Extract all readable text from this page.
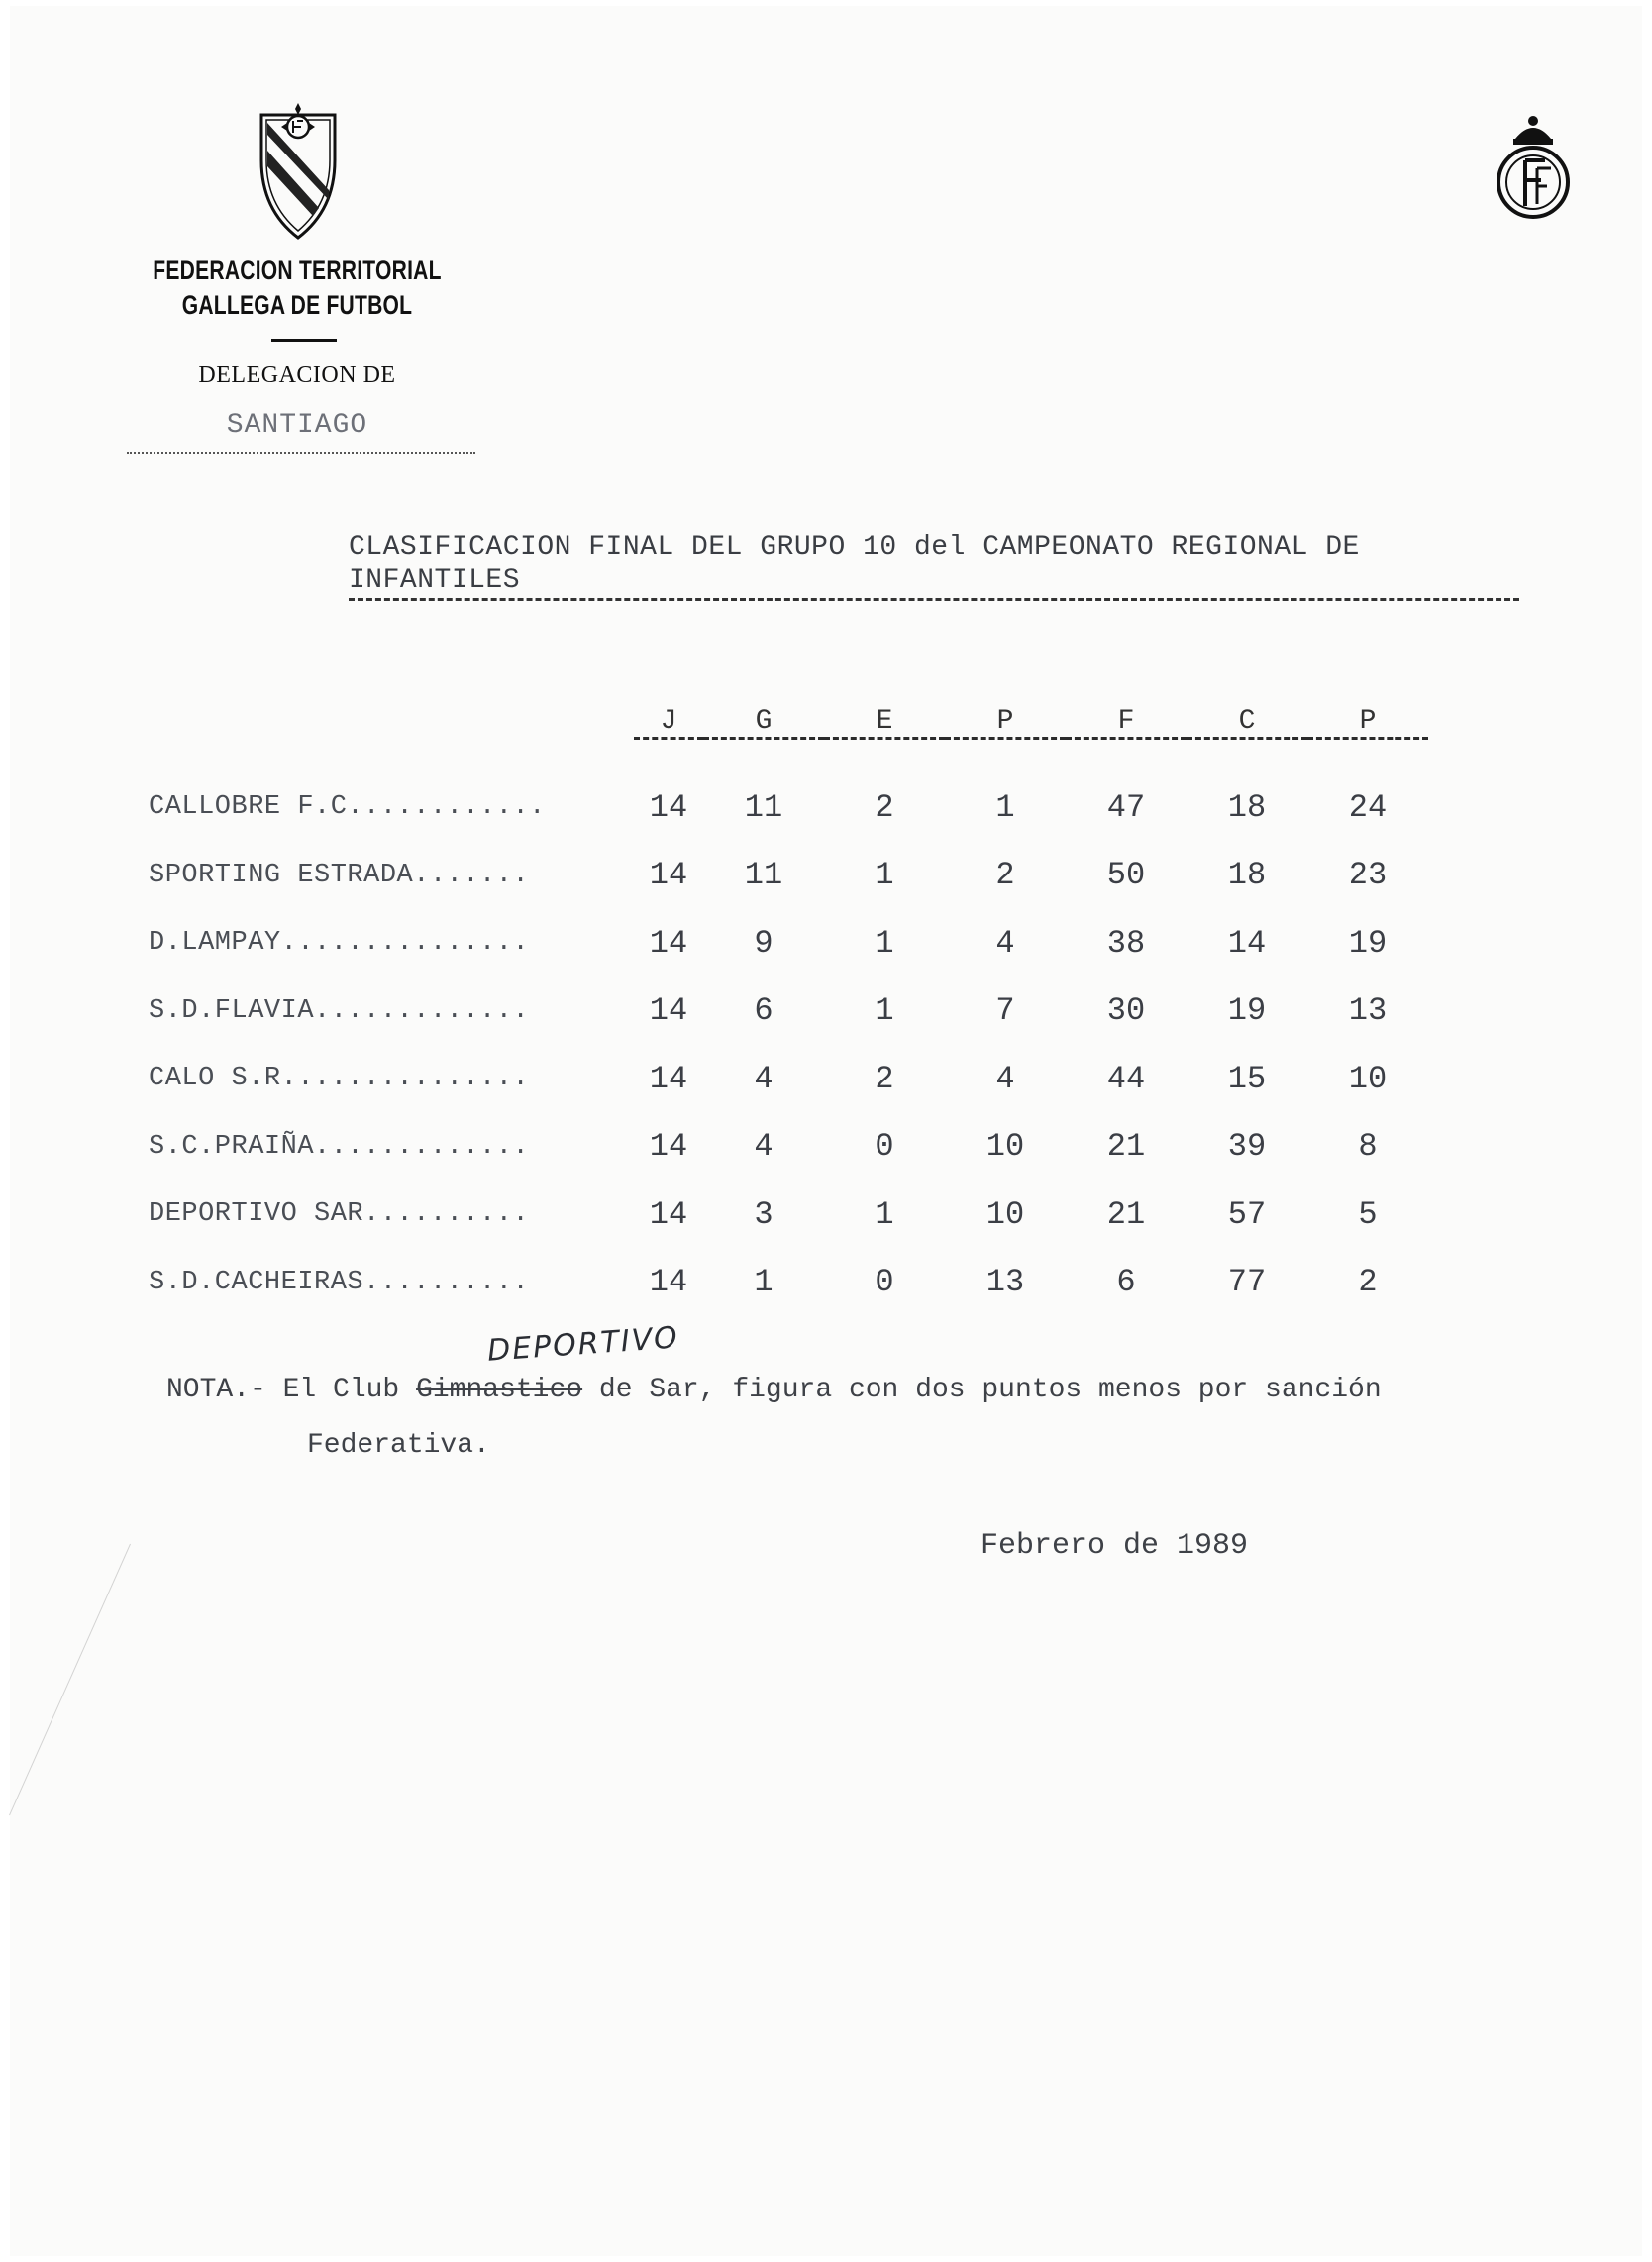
FEDERACION TERRITORIAL GALLEGA DE FUTBOL
DELEGACION DE
SANTIAGO
CLASIFICACION FINAL DEL GRUPO 10 del CAMPEONATO REGIONAL DE INFANTILES
	J	G	E	P	F	C	P

CALLOBRE F.C............	14	11	2	1	47	18	24
SPORTING ESTRADA.......	14	11	1	2	50	18	23
D.LAMPAY...............	14	9	1	4	38	14	19
S.D.FLAVIA.............	14	6	1	7	30	19	13
CALO S.R...............	14	4	2	4	44	15	10
S.C.PRAIÑA.............	14	4	0	10	21	39	8
DEPORTIVO SAR..........	14	3	1	10	21	57	5
S.D.CACHEIRAS..........	14	1	0	13	6	77	2
DEPORTIVO
NOTA.- El Club Gimnastico de Sar, figura con dos puntos menos por sanción
Federativa.
Febrero de 1989
